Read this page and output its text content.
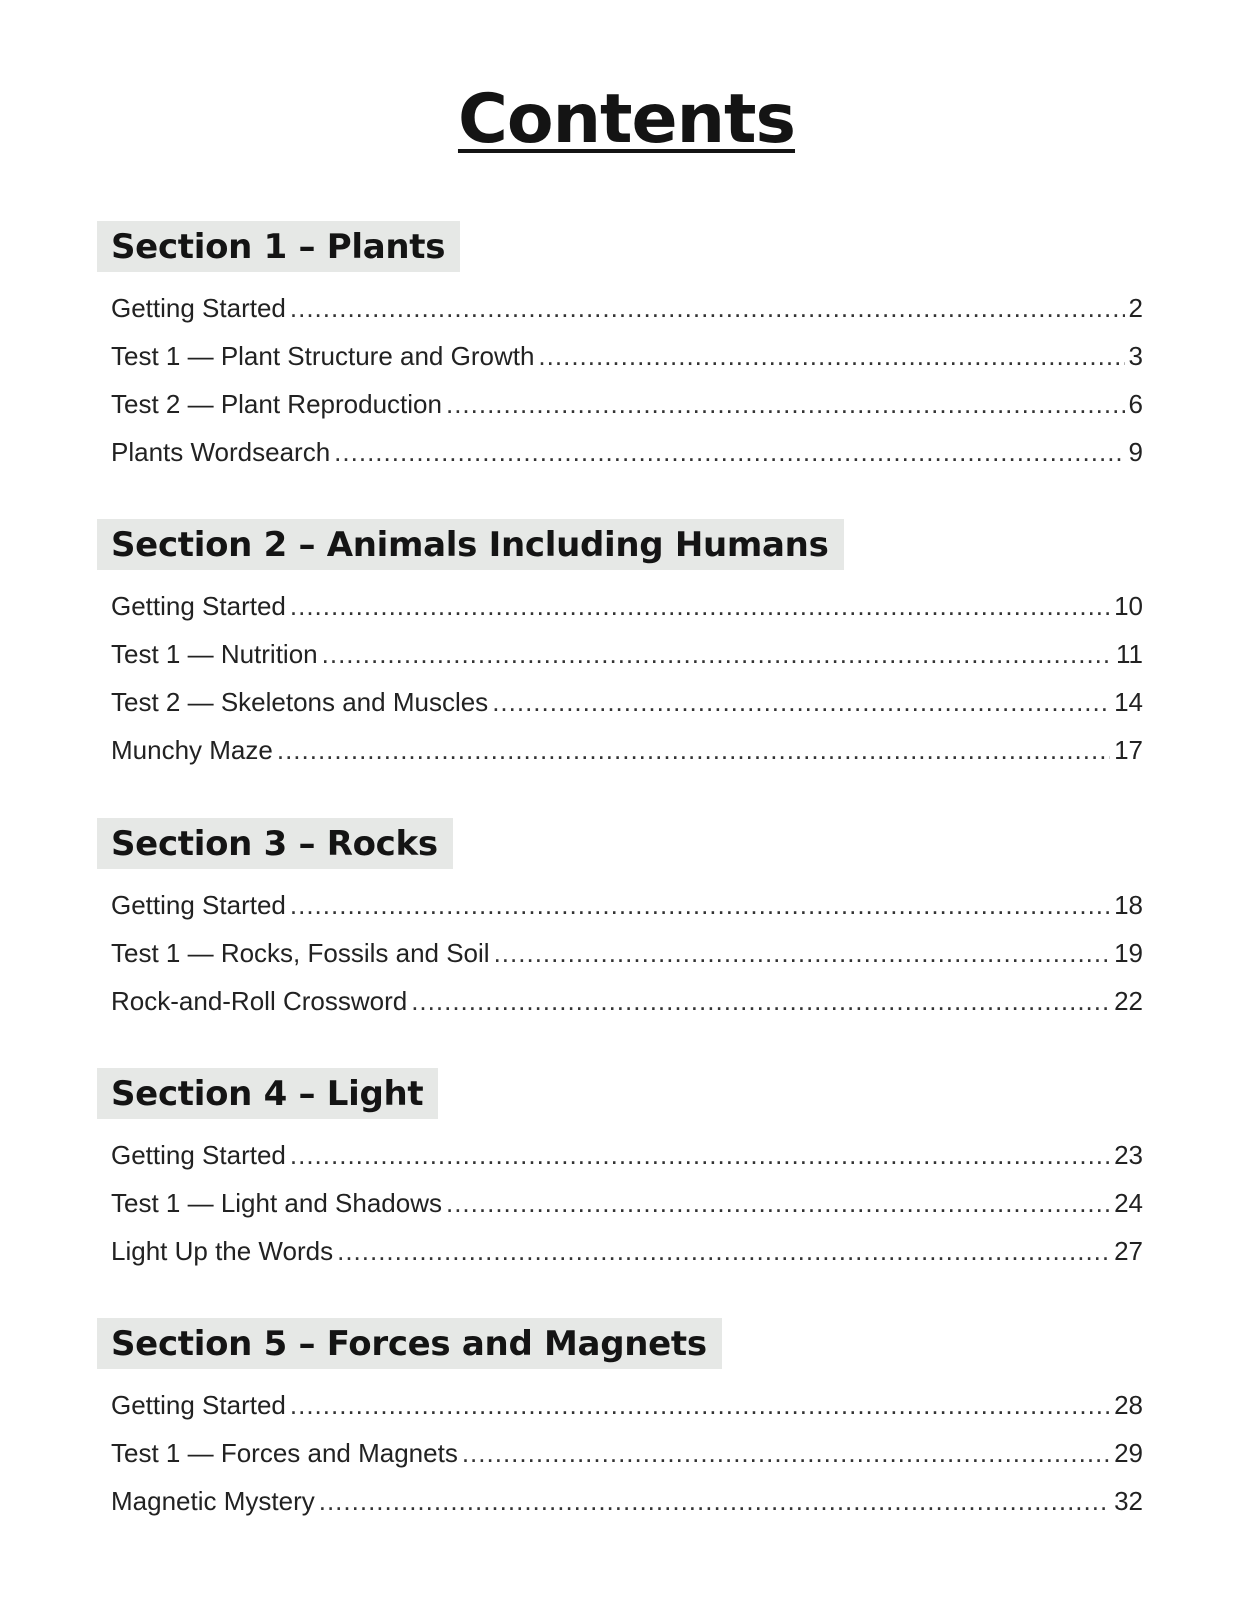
Contents
Section 1 – Plants
Getting Started .....	2
Test 1 — Plant Structure and Growth .....	3
Test 2 — Plant Reproduction .....	6
Plants Wordsearch .....	9
Section 2 – Animals Including Humans
Getting Started .....	10
Test 1 — Nutrition .....	11
Test 2 — Skeletons and Muscles .....	14
Munchy Maze .....	17
Section 3 – Rocks
Getting Started .....	18
Test 1 — Rocks, Fossils and Soil .....	19
Rock-and-Roll Crossword .....	22
Section 4 – Light
Getting Started .....	23
Test 1 — Light and Shadows .....	24
Light Up the Words .....	27
Section 5 – Forces and Magnets
Getting Started .....	28
Test 1 — Forces and Magnets .....	29
Magnetic Mystery .....	32
